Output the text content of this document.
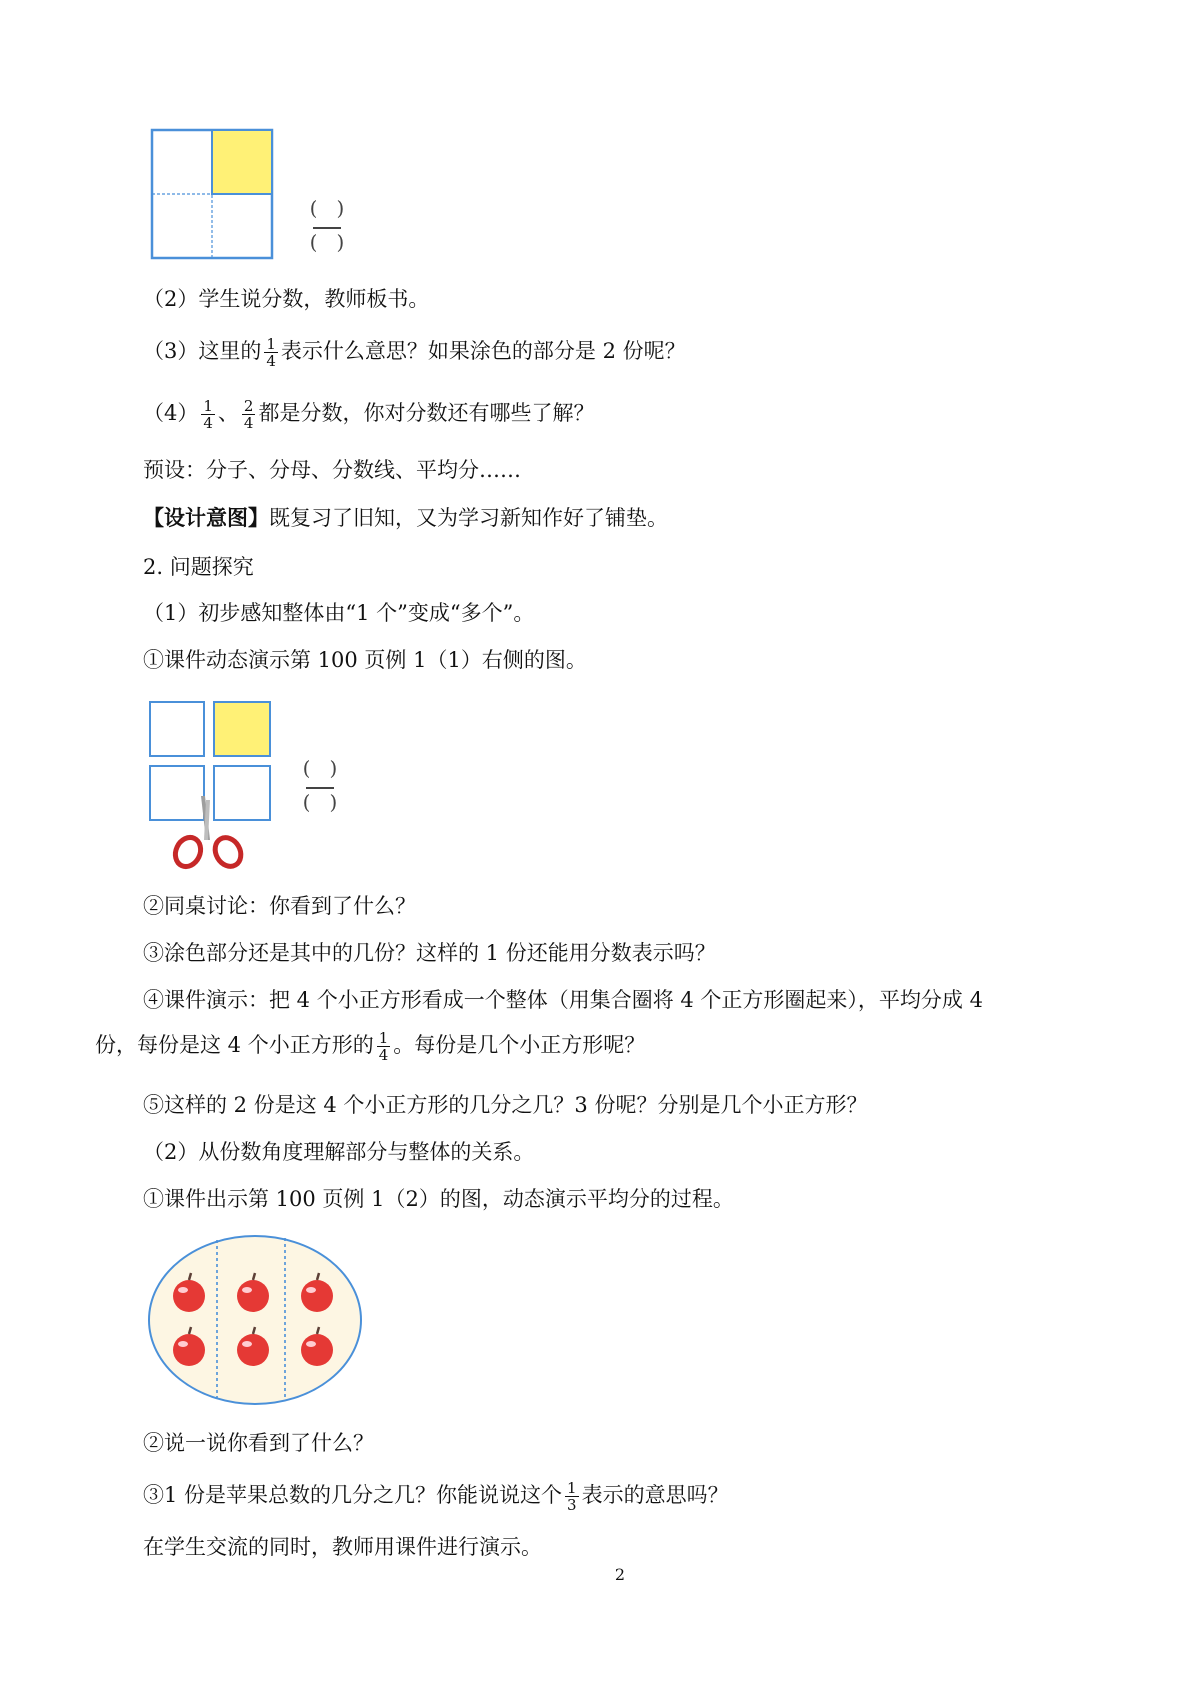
( )
( )
（2）学生说分数，教师板书。
（3）这里的 $\frac{1}{4}$ 表示什么意思？如果涂色的部分是 2 份呢？
$(4) \frac{1}{4}$ 、 $\frac{2}{4}$ 都是分数，你对分数还有哪些了解？
预设：分子、分母、分数线、平均分……
【设计意图】既复习了旧知，又为学习新知作好了铺垫。
2. 问题探究
（1）初步感知整体由“1 个”变成“多个”。
①课件动态演示第 100 页例 1（1）右侧的图。
( )
( )
②同桌讨论：你看到了什么？
③涂色部分还是其中的几份？这样的 1 份还能用分数表示吗？
④课件演示：把 4 个小正方形看成一个整体（用集合圈将 4 个正方形圈起来），平均分成 4
份，每份是这 4 个小正方形的 $\frac{1}{4}$ 。每份是几个小正方形呢？
⑤这样的 2 份是这 4 个小正方形的几分之几？3 份呢？分别是几个小正方形？
（2）从份数角度理解部分与整体的关系。
①课件出示第 100 页例 1（2）的图，动态演示平均分的过程。
②说一说你看到了什么？
③1 份是苹果总数的几分之几？你能说说这个 $\frac{1}{3}$ 表示的意思吗？
在学生交流的同时，教师用课件进行演示。
2
